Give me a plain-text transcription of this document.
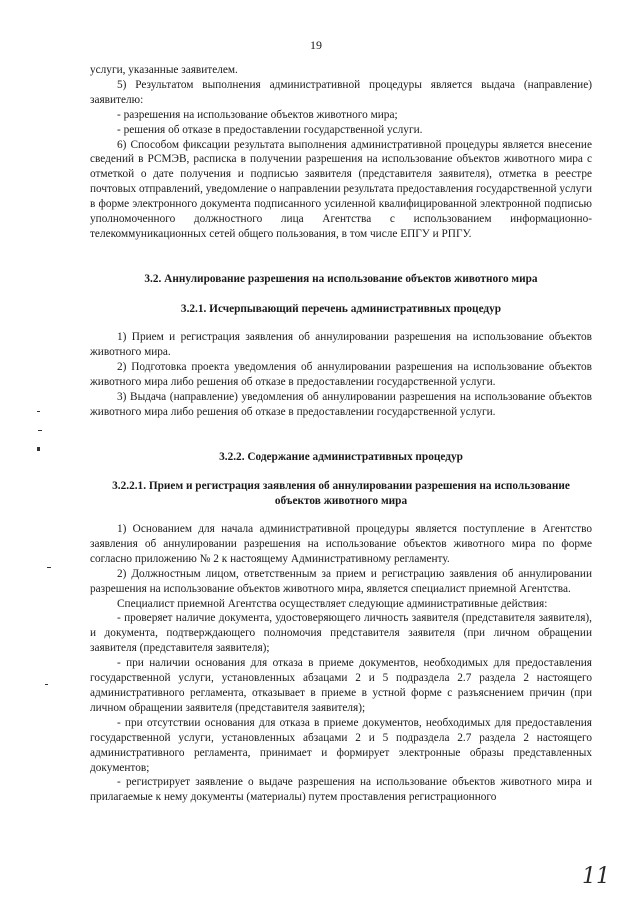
19

услуги, указанные заявителем.

5) Результатом выполнения административной процедуры является выдача (направление) заявителю:

- разрешения на использование объектов животного мира;

- решения об отказе в предоставлении государственной услуги.

6) Способом фиксации результата выполнения административной процедуры является внесение сведений в РСМЭВ, расписка в получении разрешения на использование объектов животного мира с отметкой о дате получения и подписью заявителя (представителя заявителя), отметка в реестре почтовых отправлений, уведомление о направлении результата предоставления государственной услуги в форме электронного документа подписанного усиленной квалифицированной электронной подписью уполномоченного должностного лица Агентства с использованием информационно-телекоммуникационных сетей общего пользования, в том числе ЕПГУ и РПГУ.

3.2. Аннулирование разрешения на использование объектов животного мира
3.2.1. Исчерпывающий перечень административных процедур

1) Прием и регистрация заявления об аннулировании разрешения на использование объектов животного мира.

2) Подготовка проекта уведомления об аннулировании разрешения на использование объектов животного мира либо решения об отказе в предоставлении государственной услуги.

3) Выдача (направление) уведомления об аннулировании разрешения на использование объектов животного мира либо решения об отказе в предоставлении государственной услуги.

3.2.2. Содержание административных процедур
3.2.2.1. Прием и регистрация заявления об аннулировании разрешения на использование объектов животного мира

1) Основанием для начала административной процедуры является поступление в Агентство заявления об аннулировании разрешения на использование объектов животного мира по форме согласно приложению № 2 к настоящему Административному регламенту.

2) Должностным лицом, ответственным за прием и регистрацию заявления об аннулировании разрешения на использование объектов животного мира, является специалист приемной Агентства.

Специалист приемной Агентства осуществляет следующие административные действия:

- проверяет наличие документа, удостоверяющего личность заявителя (представителя заявителя), и документа, подтверждающего полномочия представителя заявителя (при личном обращении заявителя (представителя заявителя);

- при наличии основания для отказа в приеме документов, необходимых для предоставления государственной услуги, установленных абзацами 2 и 5 подраздела 2.7 раздела 2 настоящего административного регламента, отказывает в приеме в устной форме с разъяснением причин (при личном обращении заявителя (представителя заявителя);

- при отсутствии основания для отказа в приеме документов, необходимых для предоставления государственной услуги, установленных абзацами 2 и 5 подраздела 2.7 раздела 2 настоящего административного регламента, принимает и формирует электронные образы представленных документов;

- регистрирует заявление о выдаче разрешения на использование объектов животного мира и прилагаемые к нему документы (материалы) путем проставления регистрационного

11
